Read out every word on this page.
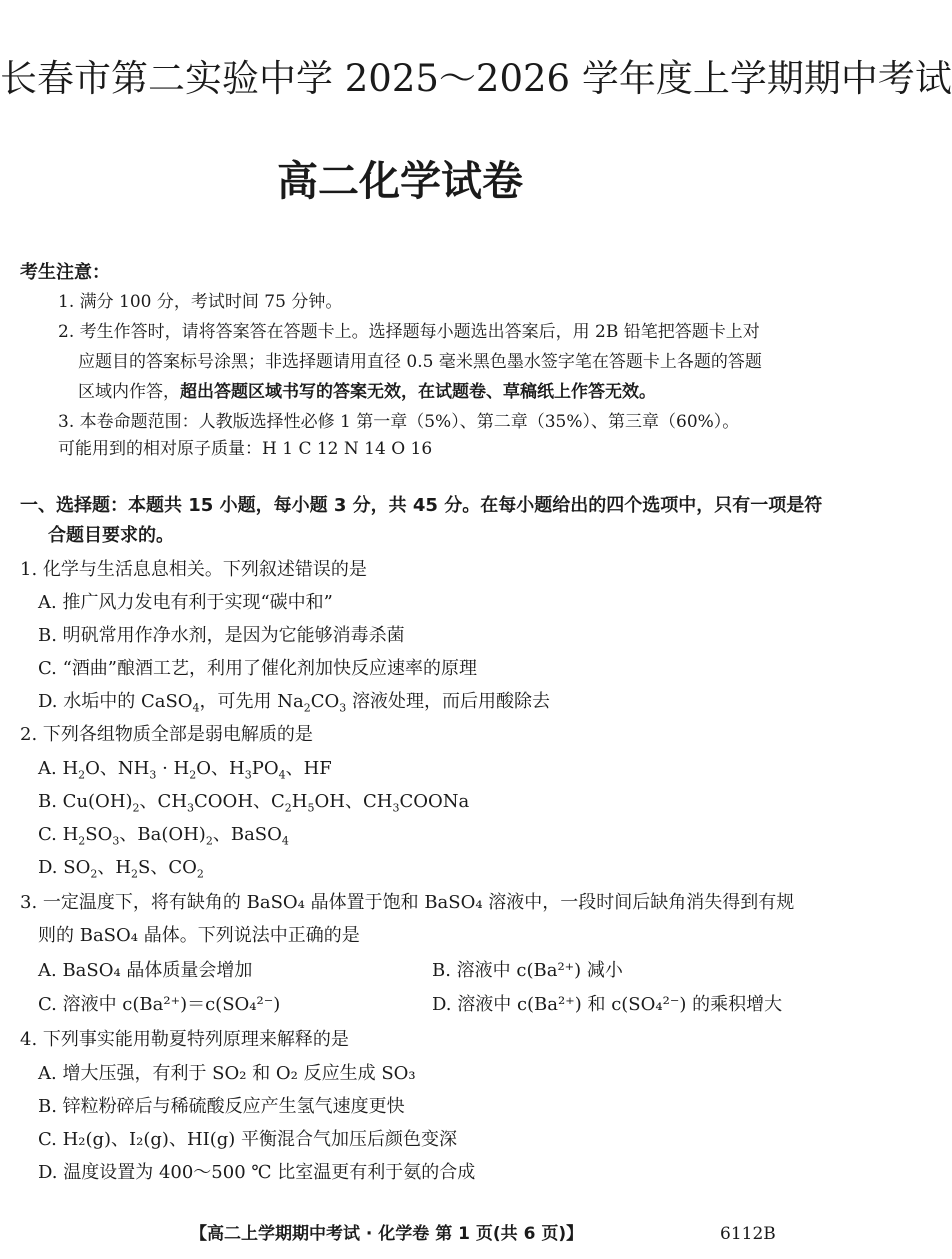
长春市第二实验中学 2025～2026 学年度上学期期中考试
高二化学试卷
考生注意：
1. 满分 100 分，考试时间 75 分钟。
2. 考生作答时，请将答案答在答题卡上。选择题每小题选出答案后，用 2B 铅笔把答题卡上对
应题目的答案标号涂黑；非选择题请用直径 0.5 毫米黑色墨水签字笔在答题卡上各题的答题
区域内作答，超出答题区域书写的答案无效，在试题卷、草稿纸上作答无效。
3. 本卷命题范围：人教版选择性必修 1 第一章（5%）、第二章（35%）、第三章（60%）。
可能用到的相对原子质量：H 1 C 12 N 14 O 16
一、选择题：本题共 15 小题，每小题 3 分，共 45 分。在每小题给出的四个选项中，只有一项是符
合题目要求的。
1. 化学与生活息息相关。下列叙述错误的是
A. 推广风力发电有利于实现“碳中和”
B. 明矾常用作净水剂，是因为它能够消毒杀菌
C. “酒曲”酿酒工艺，利用了催化剂加快反应速率的原理
D. 水垢中的 CaSO$_4$，可先用 $Na_2CO_3$ 溶液处理，而后用酸除去
2. 下列各组物质全部是弱电解质的是
A. $H_2O$、$NH_3 \cdot H_2O$、$H_3PO_4$、HF
B. $Cu(OH)_2$、$CH_3COOH$、$C_2H_5OH$、$CH_3COONa$
C. $H_2SO_3$、$Ba(OH)_2$、BaSO$_4$
D. $SO_2$、$H_2S$、$CO_2$
3. 一定温度下，将有缺角的 BaSO₄ 晶体置于饱和 BaSO₄ 溶液中，一段时间后缺角消失得到有规
则的 BaSO₄ 晶体。下列说法中正确的是
A. BaSO₄ 晶体质量会增加	B. 溶液中 c(Ba²⁺) 减小
C. 溶液中 c(Ba²⁺)＝c(SO₄²⁻)	D. 溶液中 c(Ba²⁺) 和 c(SO₄²⁻) 的乘积增大
4. 下列事实能用勒夏特列原理来解释的是
A. 增大压强，有利于 SO₂ 和 O₂ 反应生成 SO₃
B. 锌粒粉碎后与稀硫酸反应产生氢气速度更快
C. H₂(g)、I₂(g)、HI(g) 平衡混合气加压后颜色变深
D. 温度设置为 400～500 ℃ 比室温更有利于氨的合成
【高二上学期期中考试 · 化学卷 第 1 页(共 6 页)】	6112B
